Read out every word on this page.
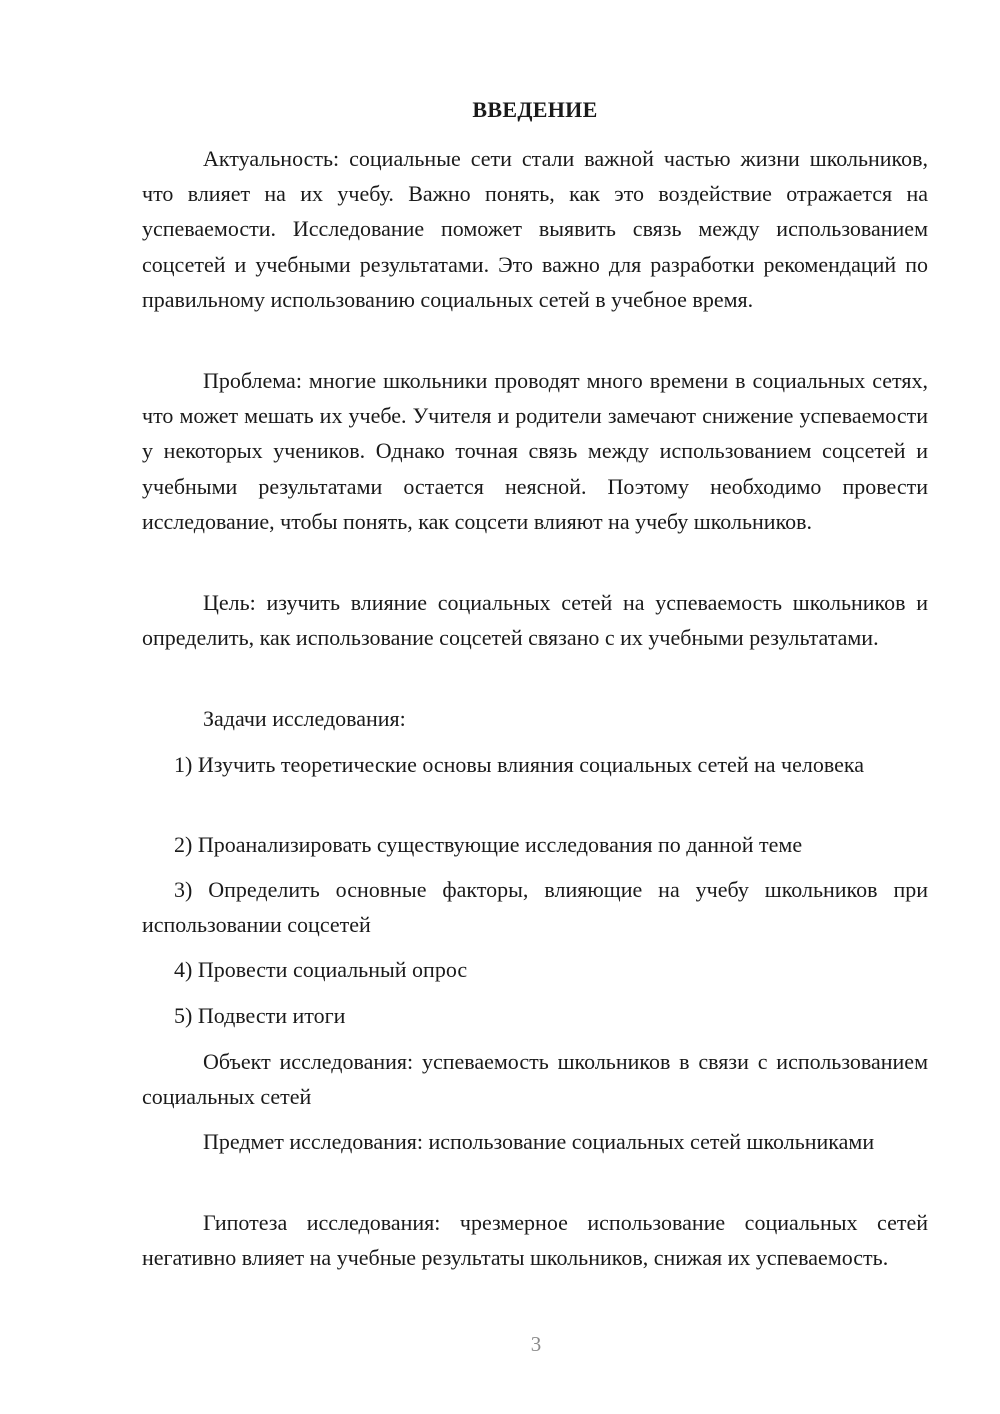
ВВЕДЕНИЕ

Актуальность: социальные сети стали важной частью жизни школьников, что влияет на их учебу. Важно понять, как это воздействие отражается на успеваемости. Исследование поможет выявить связь между использованием соцсетей и учебными результатами. Это важно для разработки рекомендаций по правильному использованию социальных сетей в учебное время.

Проблема: многие школьники проводят много времени в социальных сетях, что может мешать их учебе. Учителя и родители замечают снижение успеваемости у некоторых учеников. Однако точная связь между использованием соцсетей и учебными результатами остается неясной. Поэтому необходимо провести исследование, чтобы понять, как соцсети влияют на учебу школьников.

Цель: изучить влияние социальных сетей на успеваемость школьников и определить, как использование соцсетей связано с их учебными результатами.

Задачи исследования:

1) Изучить теоретические основы влияния социальных сетей на человека

2) Проанализировать существующие исследования по данной теме

3) Определить основные факторы, влияющие на учебу школьников при использовании соцсетей

4) Провести социальный опрос

5) Подвести итоги

Объект исследования: успеваемость школьников в связи с использованием социальных сетей

Предмет исследования: использование социальных сетей школьниками

Гипотеза исследования: чрезмерное использование социальных сетей негативно влияет на учебные результаты школьников, снижая их успеваемость.

3
